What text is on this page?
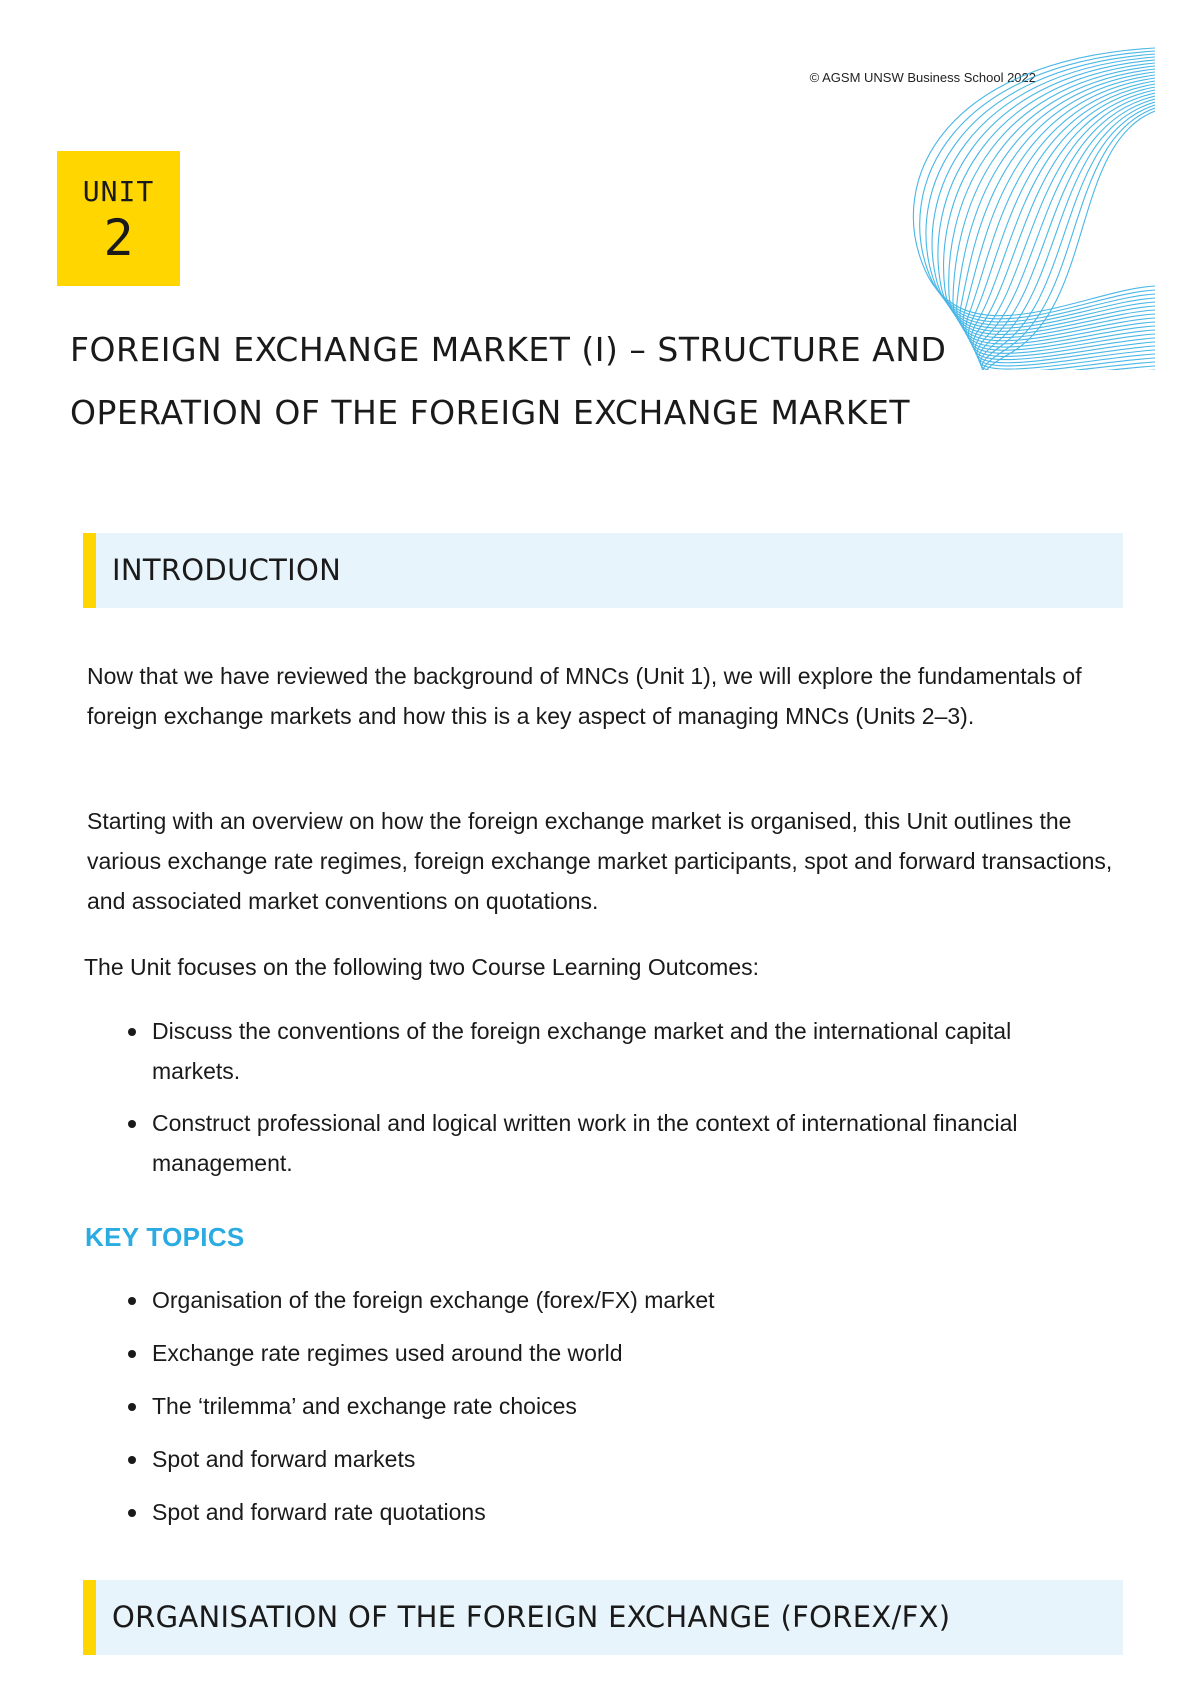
© AGSM UNSW Business School 2022
UNIT
2
FOREIGN EXCHANGE MARKET (I) – STRUCTURE AND OPERATION OF THE FOREIGN EXCHANGE MARKET
INTRODUCTION

Now that we have reviewed the background of MNCs (Unit 1), we will explore the fundamentals of foreign exchange markets and how this is a key aspect of managing MNCs (Units 2–3).

Starting with an overview on how the foreign exchange market is organised, this Unit outlines the various exchange rate regimes, foreign exchange market participants, spot and forward transactions, and associated market conventions on quotations.

The Unit focuses on the following two Course Learning Outcomes:

Discuss the conventions of the foreign exchange market and the international capital markets.
Construct professional and logical written work in the context of international financial management.
KEY TOPICS
Organisation of the foreign exchange (forex/FX) market
Exchange rate regimes used around the world
The ‘trilemma’ and exchange rate choices
Spot and forward markets
Spot and forward rate quotations
ORGANISATION OF THE FOREIGN EXCHANGE (FOREX/FX)
